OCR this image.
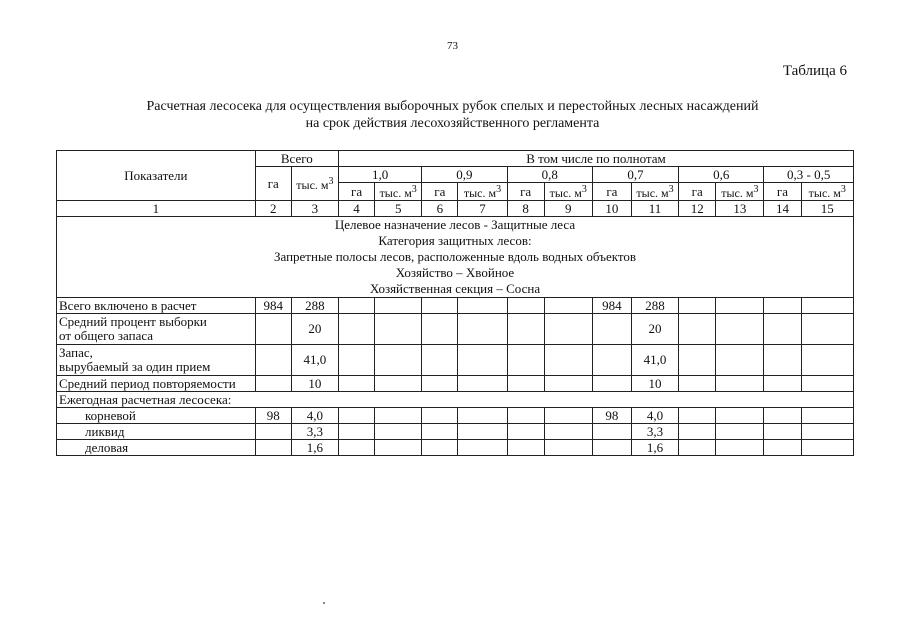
73
Таблица 6
Расчетная лесосека для осуществления выборочных рубок спелых и перестойных лесных насаждений
на срок действия лесохозяйственного регламента
Показатели	Всего		В том числе по полнотам											
	га	тыс. $м^3$	1,0		0,9		0,8		0,7		0,6		0,3 - 0,5	
			га	тыс. $м^3$	га	тыс. $м^3$	га	тыс. $м^3$	га	тыс. $м^3$	га	тыс. $м^3$	га	тыс. $м^3$
1	2	3	4	5	6	7	8	9	10	11	12	13	14	15

Целевое назначение лесов - Защитные леса
Категория защитных лесов:
Запретные полосы лесов, расположенные вдоль водных объектов
Хозяйство – Хвойное
Хозяйственная секция – Сосна														

Всего включено в расчет	984	288							984	288				

Средний процент выборки
от общего запаса		20								20				

Запас,
вырубаемый за один прием		41,0								41,0				
Средний период повторяемости		10								10				
Ежегодная расчетная лесосека:														
корневой	98	4,0							98	4,0				
ликвид		3,3								3,3				
деловая		1,6								1,6				
